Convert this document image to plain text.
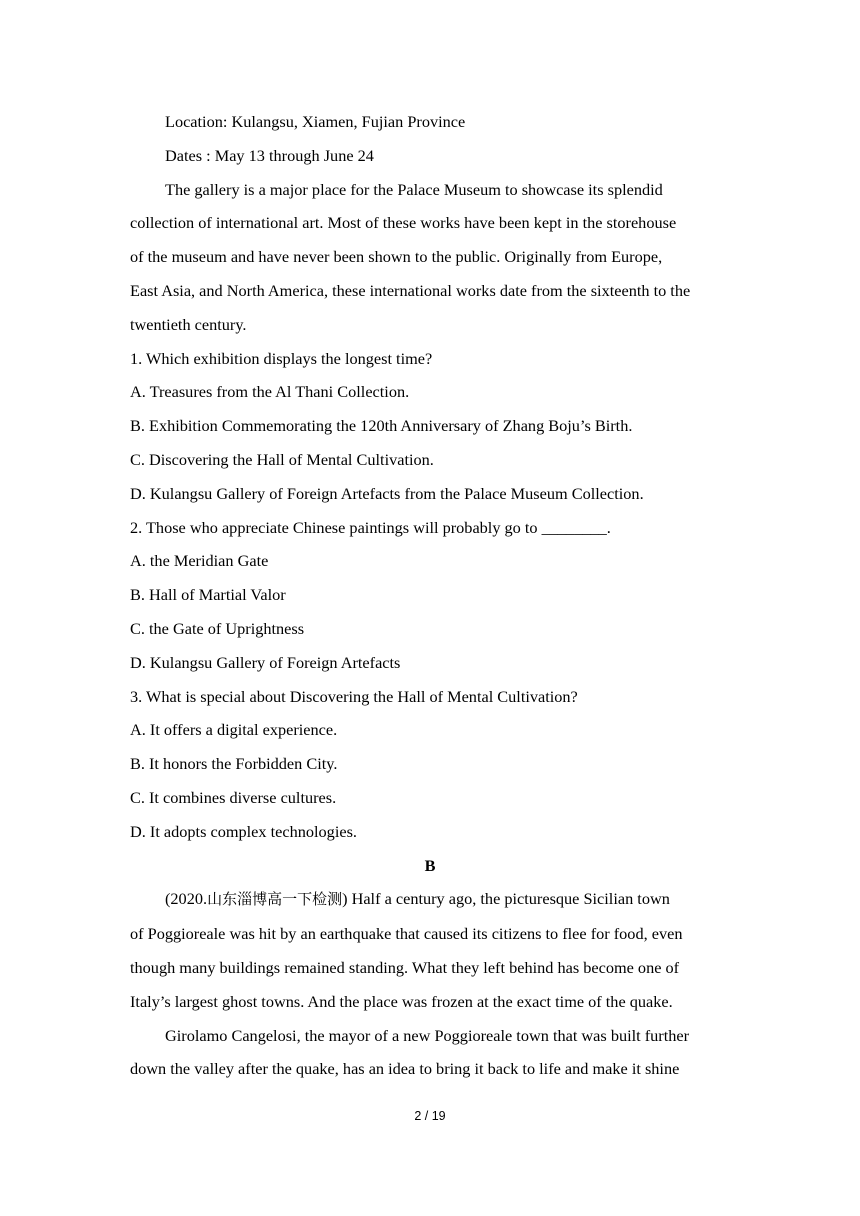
Location: Kulangsu, Xiamen, Fujian Province
Dates : May 13 through June 24
The gallery is a major place for the Palace Museum to showcase its splendid
collection of international art. Most of these works have been kept in the storehouse
of the museum and have never been shown to the public. Originally from Europe,
East Asia, and North America, these international works date from the sixteenth to the
twentieth century.
1. Which exhibition displays the longest time?
A. Treasures from the Al Thani Collection.
B. Exhibition Commemorating the 120th Anniversary of Zhang Boju’s Birth.
C. Discovering the Hall of Mental Cultivation.
D. Kulangsu Gallery of Foreign Artefacts from the Palace Museum Collection.
2. Those who appreciate Chinese paintings will probably go to ________.
A. the Meridian Gate
B. Hall of Martial Valor
C. the Gate of Uprightness
D. Kulangsu Gallery of Foreign Artefacts
3. What is special about Discovering the Hall of Mental Cultivation?
A. It offers a digital experience.
B. It honors the Forbidden City.
C. It combines diverse cultures.
D. It adopts complex technologies.
B
(2020.山东淄博高一下检测) Half a century ago, the picturesque Sicilian town
of Poggioreale was hit by an earthquake that caused its citizens to flee for food, even
though many buildings remained standing. What they left behind has become one of
Italy’s largest ghost towns. And the place was frozen at the exact time of the quake.
Girolamo Cangelosi, the mayor of a new Poggioreale town that was built further
down the valley after the quake, has an idea to bring it back to life and make it shine
2 / 19
